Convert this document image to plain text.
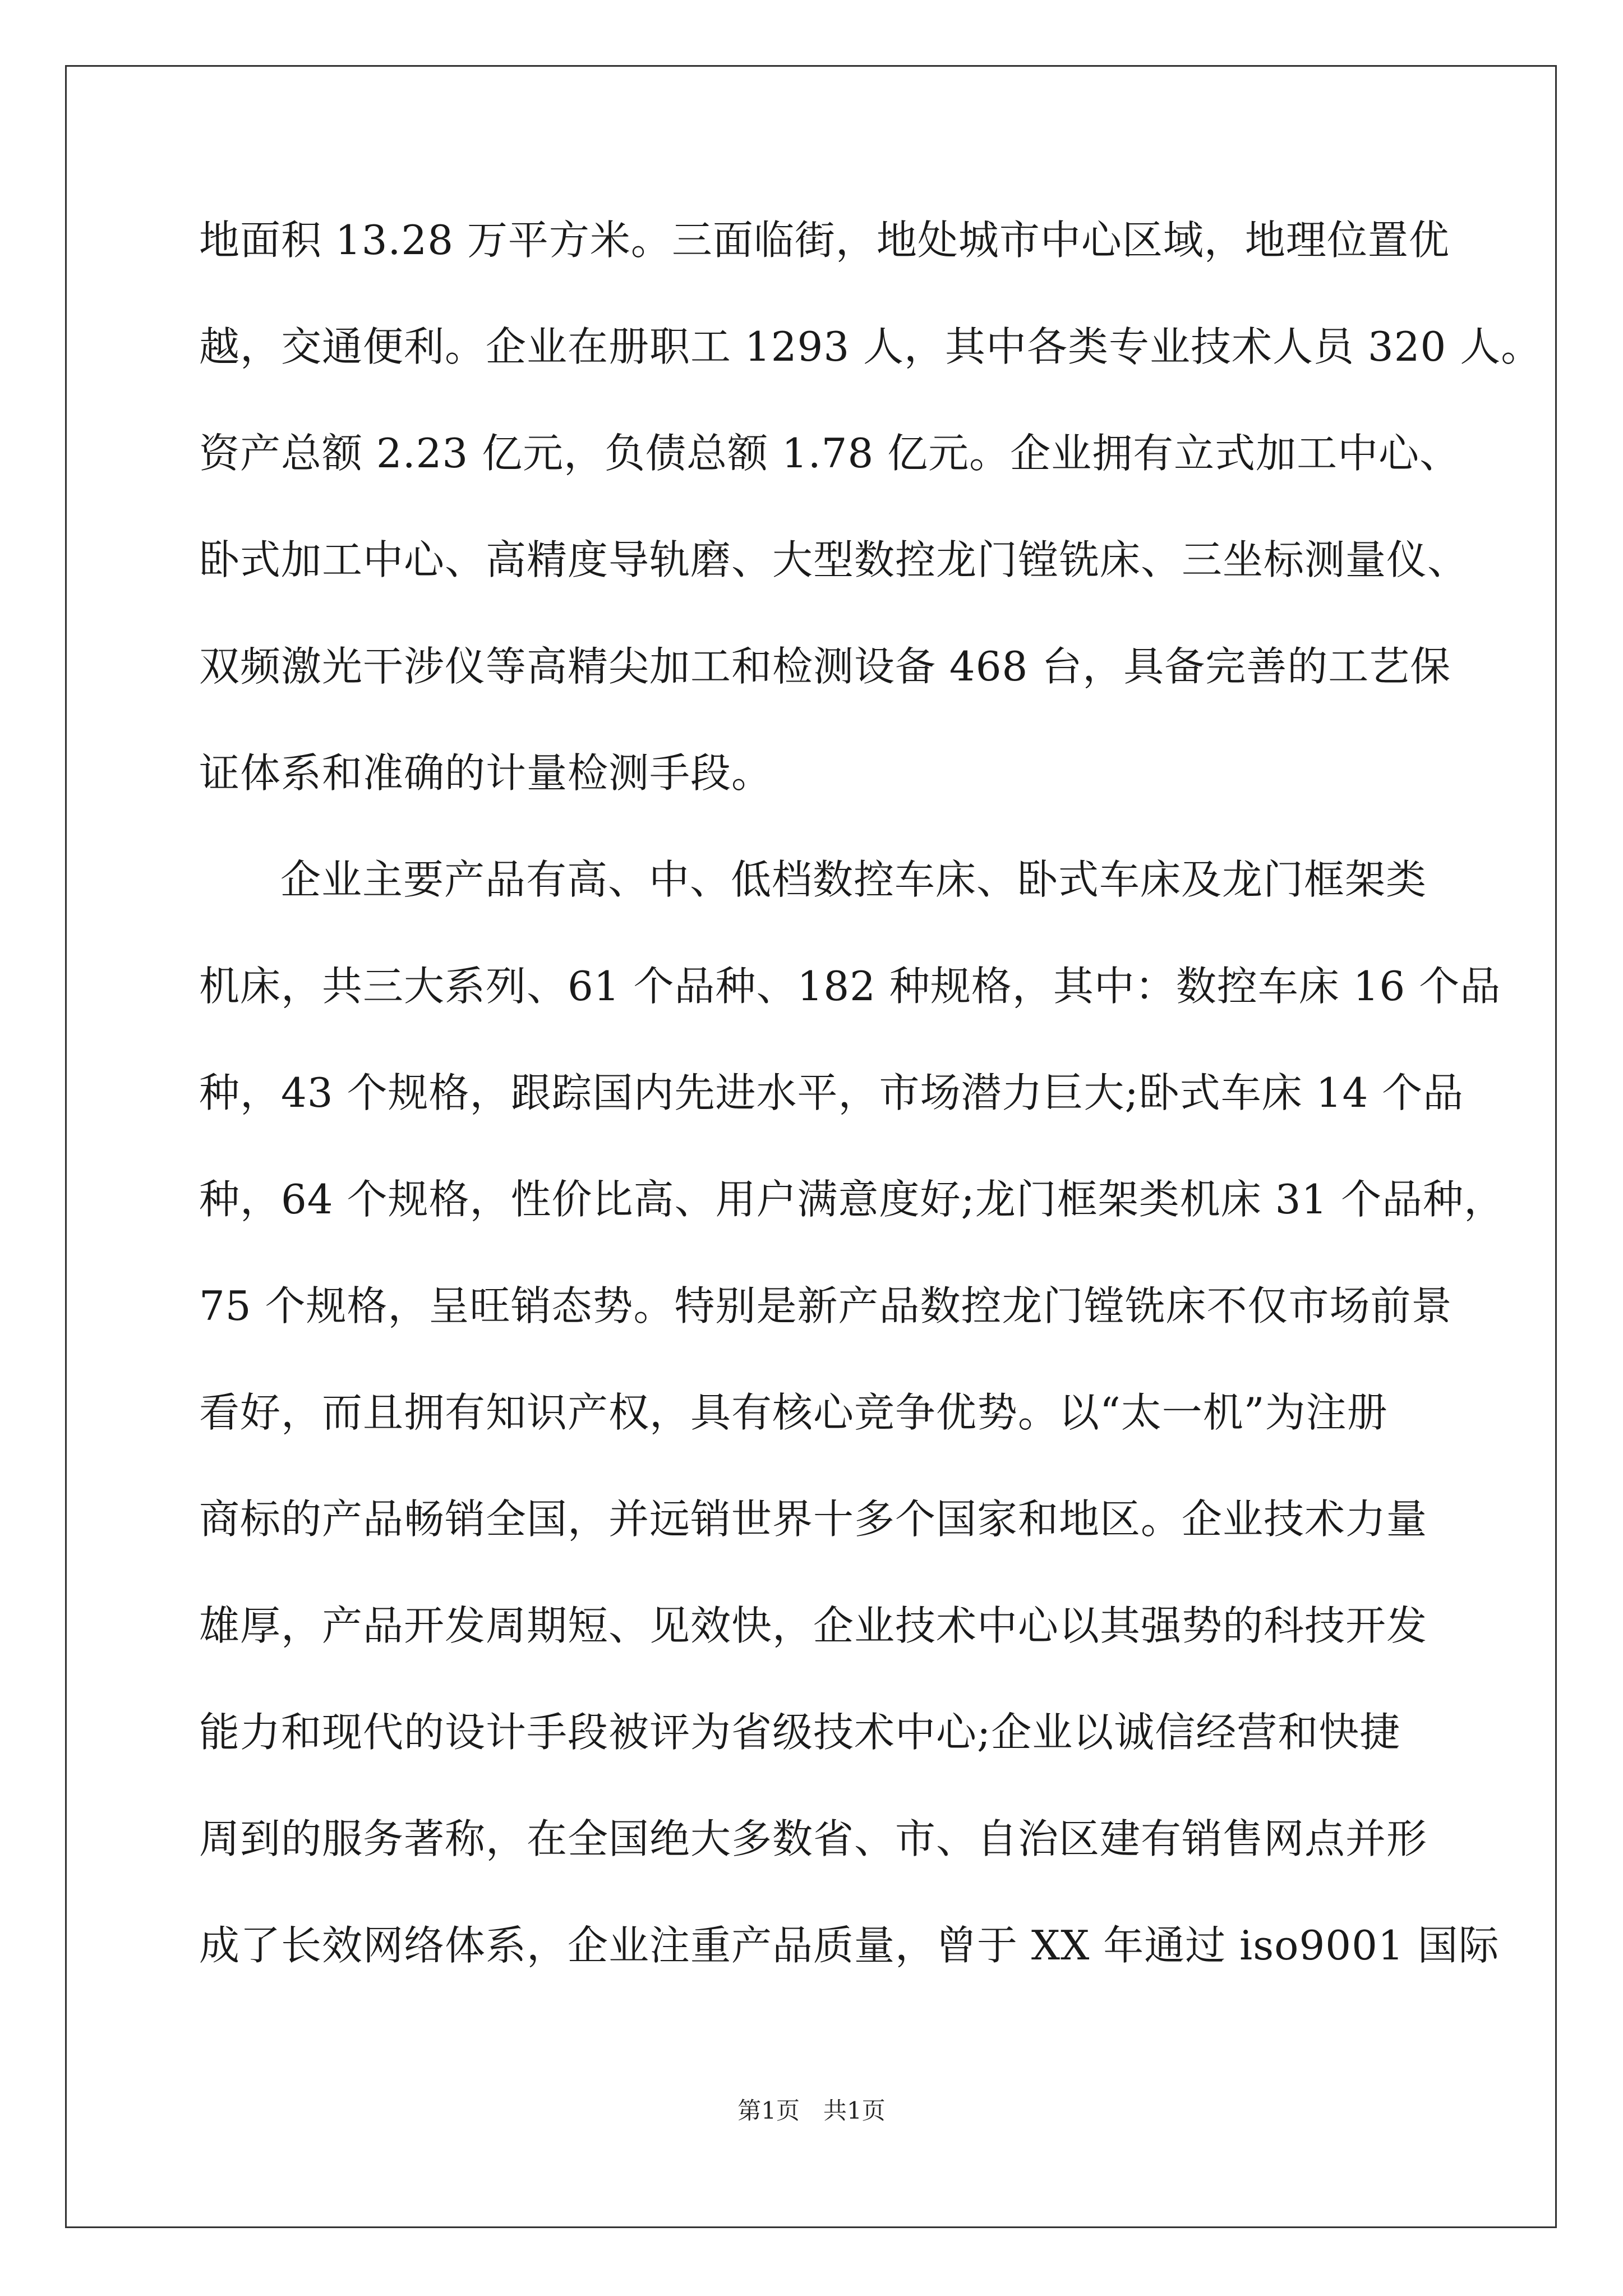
地面积 13.28 万平方米。三面临街，地处城市中心区域，地理位置优
越，交通便利。企业在册职工 1293 人，其中各类专业技术人员 320 人。
资产总额 2.23 亿元，负债总额 1.78 亿元。企业拥有立式加工中心、
卧式加工中心、高精度导轨磨、大型数控龙门镗铣床、三坐标测量仪、
双频激光干涉仪等高精尖加工和检测设备 468 台，具备完善的工艺保
证体系和准确的计量检测手段。
企业主要产品有高、中、低档数控车床、卧式车床及龙门框架类
机床，共三大系列、61 个品种、182 种规格，其中：数控车床 16 个品
种，43 个规格，跟踪国内先进水平，市场潜力巨大;卧式车床 14 个品
种，64 个规格，性价比高、用户满意度好;龙门框架类机床 31 个品种，
75 个规格，呈旺销态势。特别是新产品数控龙门镗铣床不仅市场前景
看好，而且拥有知识产权，具有核心竞争优势。以“太一机”为注册
商标的产品畅销全国，并远销世界十多个国家和地区。企业技术力量
雄厚，产品开发周期短、见效快，企业技术中心以其强势的科技开发
能力和现代的设计手段被评为省级技术中心;企业以诚信经营和快捷
周到的服务著称，在全国绝大多数省、市、自治区建有销售网点并形
成了长效网络体系，企业注重产品质量，曾于 XX 年通过 iso9001 国际
第1页　共1页
